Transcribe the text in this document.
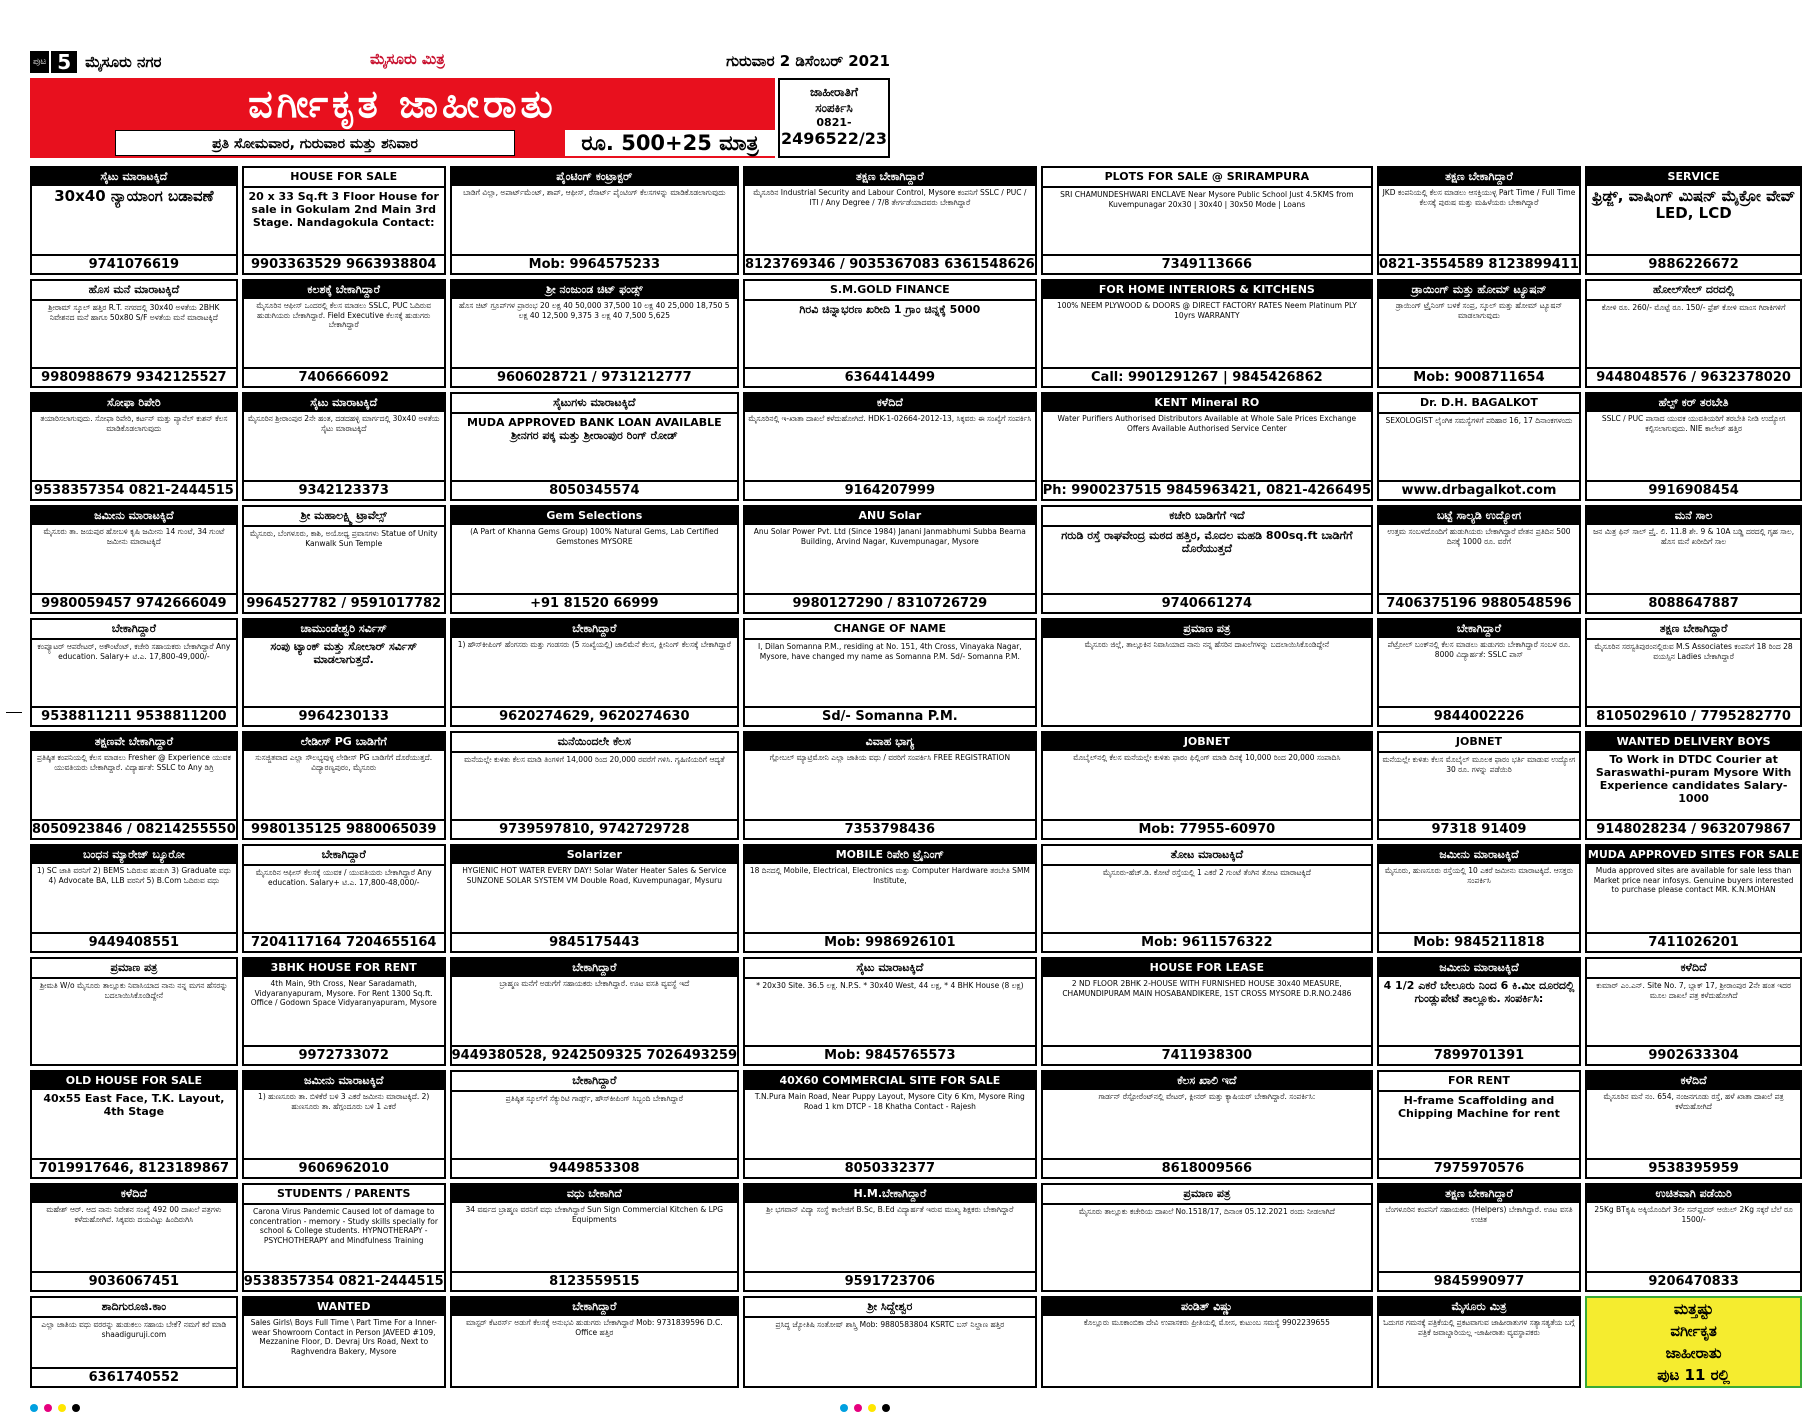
ಪುಟ 5 ಮೈಸೂರು ನಗರ	ಮೈಸೂರು ಮಿತ್ರ	ಗುರುವಾರ 2 ಡಿಸೆಂಬರ್ 2021
ವರ್ಗೀಕೃತ ಜಾಹೀರಾತು
ಪ್ರತಿ ಸೋಮವಾರ, ಗುರುವಾರ ಮತ್ತು ಶನಿವಾರ	ರೂ. 500+25 ಮಾತ್ರ
ಜಾಹೀರಾತಿಗೆ
ಸಂಪರ್ಕಿಸಿ
0821-
2496522/23
ಸೈಟು ಮಾರಾಟಕ್ಕಿದೆ
30x40 ನ್ಯಾಯಾಂಗ ಬಡಾವಣೆ
9741076619
HOUSE FOR SALE
20 x 33 Sq.ft 3 Floor House for sale in Gokulam 2nd Main 3rd Stage. Nandagokula Contact:
9903363529 9663938804
ಪೈಂಟಿಂಗ್ ಕಂಟ್ರಾಕ್ಟರ್
ಬಾಡಿಗೆ ವಿಲ್ಲಾ, ಅಪಾರ್ಟ್‌ಮೆಂಟ್, ಶಾಪ್, ಆಫೀಸ್, ರೆಸಾರ್ಟ್ ಪೈಂಟಿಂಗ್ ಕೆಲಸಗಳನ್ನು ಮಾಡಿಕೊಡಲಾಗುವುದು
Mob: 9964575233
ತಕ್ಷಣ ಬೇಕಾಗಿದ್ದಾರೆ
ಮೈಸೂರಿನ Industrial Security and Labour Control, Mysore ಕಂಪನಿಗೆ SSLC / PUC / ITI / Any Degree / 7/8 ತೇರ್ಗಡೆಯಾದವರು ಬೇಕಾಗಿದ್ದಾರೆ
8123769346 / 9035367083 6361548626
PLOTS FOR SALE @ SRIRAMPURA
SRI CHAMUNDESHWARI ENCLAVE Near Mysore Public School Just 4.5KMS from Kuvempunagar 20x30 | 30x40 | 30x50 Mode | Loans
7349113666
ತಕ್ಷಣ ಬೇಕಾಗಿದ್ದಾರೆ
JKD ಕಂಪನಿಯಲ್ಲಿ ಕೆಲಸ ಮಾಡಲು ಆಸಕ್ತಿಯುಳ್ಳ Part Time / Full Time ಕೆಲಸಕ್ಕೆ ಪುರುಷ ಮತ್ತು ಮಹಿಳೆಯರು ಬೇಕಾಗಿದ್ದಾರೆ
0821-3554589 8123899411
SERVICE
ಫ್ರಿಡ್ಜ್, ವಾಷಿಂಗ್ ಮಿಷನ್ ಮೈಕ್ರೋ ವೇವ್ LED, LCD
9886226672
ಹೊಸ ಮನೆ ಮಾರಾಟಕ್ಕಿದೆ
ಶ್ರೀರಾಮ್ ಸ್ಕೂಲ್ ಹತ್ತಿರ R.T. ನಗರದಲ್ಲಿ 30x40 ಅಳತೆಯ 2BHK ನಿವೇಶನದ ಮನೆ ಹಾಗೂ 50x80 S/F ಅಳತೆಯ ಮನೆ ಮಾರಾಟಕ್ಕಿದೆ
9980988679 9342125527
ಕಲಶಕ್ಕೆ ಬೇಕಾಗಿದ್ದಾರೆ
ಮೈಸೂರಿನ ಆಫೀಸ್ ಒಂದರಲ್ಲಿ ಕೆಲಸ ಮಾಡಲು SSLC, PUC ಓದಿರುವ ಹುಡುಗಿಯರು ಬೇಕಾಗಿದ್ದಾರೆ. Field Executive ಕೆಲಸಕ್ಕೆ ಹುಡುಗರು ಬೇಕಾಗಿದ್ದಾರೆ
7406666092
ಶ್ರೀ ನಂಜುಂಡ ಚಿಟ್ ಫಂಡ್ಸ್
ಹೊಸ ಚಿಟ್ ಗ್ರೂಪ್‌ಗಳ ಪ್ರಾರಂಭ 20 ಲಕ್ಷ 40 50,000 37,500 10 ಲಕ್ಷ 40 25,000 18,750 5 ಲಕ್ಷ 40 12,500 9,375 3 ಲಕ್ಷ 40 7,500 5,625
9606028721 / 9731212777
S.M.GOLD FINANCE
ಗಿರವಿ ಚಿನ್ನಾಭರಣ ಖರೀದಿ 1 ಗ್ರಾಂ ಚಿನ್ನಕ್ಕೆ 5000
6364414499
FOR HOME INTERIORS & KITCHENS
100% NEEM PLYWOOD & DOORS @ DIRECT FACTORY RATES Neem Platinum PLY 10yrs WARRANTY
Call: 9901291267 | 9845426862
ಡ್ರಾಯಿಂಗ್ ಮತ್ತು ಹೋಮ್ ಟ್ಯೂಷನ್
ಡ್ರಾಯಿಂಗ್ ಟ್ರೈನಿಂಗ್ ಬಳಕೆ ಸಂಪ್ರ, ಸ್ಕೂಲ್ ಮತ್ತು ಹೋಮ್ ಟ್ಯೂಷನ್ ಮಾಡಲಾಗುವುದು
Mob: 9008711654
ಹೋಲ್‌ಸೇಲ್ ದರದಲ್ಲಿ
ಕೋಳಿ ರೂ. 260/- ಮೊಟ್ಟೆ ರೂ. 150/- ಫ್ರೆಶ್ ಕೋಳಿ ಮಾಂಸ ಗಿರಾಕಿಗಳಿಗೆ
9448048576 / 9632378020
ಸೋಫಾ ರಿಪೇರಿ
ತಯಾರಿಸಲಾಗುವುದು. ಸೋಫಾ ರಿಪೇರಿ, ಕರ್ಟನ್ ಮತ್ತು ಪ್ಯಾನೆಲ್ ಕುಶನ್ ಕೆಲಸ ಮಾಡಿಕೊಡಲಾಗುವುದು
9538357354 0821-2444515
ಸೈಟು ಮಾರಾಟಕ್ಕಿದೆ
ಮೈಸೂರಿನ ಶ್ರೀರಾಂಪುರ 2ನೇ ಹಂತ, ದಡದಹಳ್ಳಿ ಮಾರ್ಗದಲ್ಲಿ 30x40 ಅಳತೆಯ ಸೈಟು ಮಾರಾಟಕ್ಕಿದೆ
9342123373
ಸೈಟುಗಳು ಮಾರಾಟಕ್ಕಿದೆ
MUDA APPROVED BANK LOAN AVAILABLE ಶ್ರೀನಗರ ಪಕ್ಕ ಮತ್ತು ಶ್ರೀರಾಂಪುರ ರಿಂಗ್ ರೋಡ್
8050345574
ಕಳೆದಿದೆ
ಮೈಸೂರಿನಲ್ಲಿ ಇ-ಖಾತಾ ದಾಖಲೆ ಕಳೆದುಹೋಗಿದೆ. HDK-1-02664-2012-13, ಸಿಕ್ಕವರು ಈ ಸಂಖ್ಯೆಗೆ ಸಂಪರ್ಕಿಸಿ
9164207999
KENT Mineral RO
Water Purifiers Authorised Distributors Available at Whole Sale Prices Exchange Offers Available Authorised Service Center
Ph: 9900237515 9845963421, 0821-4266495
Dr. D.H. BAGALKOT
SEXOLOGIST ಲೈಂಗಿಕ ಸಮಸ್ಯೆಗಳಿಗೆ ಪರಿಹಾರ 16, 17 ದಿನಾಂಕಗಳಂದು
www.drbagalkot.com
ಹೆಲ್ಪ್ ಕರ್ ತರಬೇತಿ
SSLC / PUC ಪಾಸಾದ ಯುವಕ ಯುವತಿಯರಿಗೆ ತರಬೇತಿ ನೀಡಿ ಉದ್ಯೋಗ ಕಲ್ಪಿಸಲಾಗುವುದು. NIE ಕಾಲೇಜ್ ಹತ್ತಿರ
9916908454
ಜಮೀನು ಮಾರಾಟಕ್ಕಿದೆ
ಮೈಸೂರು ತಾ. ಜಯಪುರ ಹೋಬಳಿ ಕೃಷಿ ಜಮೀನು 14 ಗುಂಟೆ, 34 ಗುಂಟೆ ಜಮೀನು ಮಾರಾಟಕ್ಕಿದೆ
9980059457 9742666049
ಶ್ರೀ ಮಹಾಲಕ್ಷ್ಮಿ ಟ್ರಾವೆಲ್ಸ್
ಮೈಸೂರು, ಬೆಂಗಳೂರು, ಕಾಶಿ, ಅಯೋಧ್ಯ ಪ್ರವಾಸಗಳು Statue of Unity Kanwalk Sun Temple
9964527782 / 9591017782
Gem Selections
(A Part of Khanna Gems Group) 100% Natural Gems, Lab Certified Gemstones MYSORE
+91 81520 66999
ANU Solar
Anu Solar Power Pvt. Ltd (Since 1984) Janani Janmabhumi Subba Bearna Building, Arvind Nagar, Kuvempunagar, Mysore
9980127290 / 8310726729
ಕಚೇರಿ ಬಾಡಿಗೆಗೆ ಇದೆ
ಗರುಡಿ ರಸ್ತೆ ರಾಘವೇಂದ್ರ ಮಠದ ಹತ್ತಿರ, ಮೊದಲ ಮಹಡಿ 800sq.ft ಬಾಡಿಗೆಗೆ ದೊರೆಯುತ್ತದೆ
9740661274
ಬಟ್ಟೆ ಸಾಲ್ಯಡಿ ಉದ್ಯೋಗ
ಉತ್ತಮ ಸಂಬಳದೊಂದಿಗೆ ಹುಡುಗಿಯರು ಬೇಕಾಗಿದ್ದಾರೆ ವೇತನ ಪ್ರತಿದಿನ 500 ದಿನಕ್ಕೆ 1000 ರೂ. ವರೆಗೆ
7406375196 9880548596
ಮನೆ ಸಾಲ
ಜನ ಮಿತ್ರ ಫಿನ್ ಸಾಲ್ ಪ್ರೈ. ಲಿ. 11.8 ಶೇ. 9 & 10A ಬಡ್ಡಿ ದರದಲ್ಲಿ ಗೃಹ ಸಾಲ, ಹೊಸ ಮನೆ ಖರೀದಿಗೆ ಸಾಲ
8088647887
ಬೇಕಾಗಿದ್ದಾರೆ
ಕಂಪ್ಯೂಟರ್ ಆಪರೇಟರ್, ಅಕೌಂಟೆಂಟ್, ಕಚೇರಿ ಸಹಾಯಕರು ಬೇಕಾಗಿದ್ದಾರೆ Any education. Salary+ ಟಿ.ಎ. 17,800-49,000/-
9538811211 9538811200
ಚಾಮುಂಡೇಶ್ವರಿ ಸರ್ವಿಸ್
ಸಂಪು ಟ್ಯಾಂಕ್ ಮತ್ತು ಸೋಲಾರ್ ಸರ್ವಿಸ್ ಮಾಡಲಾಗುತ್ತದೆ.
9964230133
ಬೇಕಾಗಿದ್ದಾರೆ
1) ಹೌಸ್‌ಕೀಪಿಂಗ್ ಹೆಂಗಸರು ಮತ್ತು ಗಂಡಸರು (5 ಸಂಖ್ಯೆಯಲ್ಲಿ) ಜಾಲಿಮೆನೆ ಕೆಲಸ, ಕ್ಲೀನಿಂಗ್ ಕೆಲಸಕ್ಕೆ ಬೇಕಾಗಿದ್ದಾರೆ
9620274629, 9620274630
CHANGE OF NAME
I, Dilan Somanna P.M., residing at No. 151, 4th Cross, Vinayaka Nagar, Mysore, have changed my name as Somanna P.M. Sd/- Somanna P.M.
Sd/- Somanna P.M.
ಪ್ರಮಾಣ ಪತ್ರ
ಮೈಸೂರು ಜಿಲ್ಲೆ, ತಾಲ್ಲೂಕಿನ ನಿವಾಸಿಯಾದ ನಾನು ನನ್ನ ಹೆಸರಿನ ದಾಖಲೆಗಳನ್ನು ಬದಲಾಯಿಸಿಕೊಂಡಿದ್ದೇನೆ
ಬೇಕಾಗಿದ್ದಾರೆ
ಪೆಟ್ರೋಲ್ ಬಂಕ್‌ನಲ್ಲಿ ಕೆಲಸ ಮಾಡಲು ಹುಡುಗರು ಬೇಕಾಗಿದ್ದಾರೆ ಸಂಬಳ ರೂ. 8000 ವಿದ್ಯಾರ್ಹತೆ: SSLC ಪಾಸ್
9844002226
ತಕ್ಷಣ ಬೇಕಾಗಿದ್ದಾರೆ
ಮೈಸೂರಿನ ಸರಸ್ವತಿಪುರಂನಲ್ಲಿರುವ M.S Associates ಕಂಪನಿಗೆ 18 ರಿಂದ 28 ವಯಸ್ಸಿನ Ladies ಬೇಕಾಗಿದ್ದಾರೆ
8105029610 / 7795282770
ತಕ್ಷಣವೇ ಬೇಕಾಗಿದ್ದಾರೆ
ಪ್ರತಿಷ್ಠಿತ ಕಂಪನಿಯಲ್ಲಿ ಕೆಲಸ ಮಾಡಲು Fresher @ Experience ಯುವಕ ಯುವತಿಯರು ಬೇಕಾಗಿದ್ದಾರೆ. ವಿದ್ಯಾರ್ಹತೆ: SSLC to Any ಡಿಗ್ರಿ
8050923846 / 08214255550
ಲೇಡೀಸ್ PG ಬಾಡಿಗೆಗೆ
ಸುಸಜ್ಜಿತವಾದ ಎಲ್ಲಾ ಸೌಲಭ್ಯವುಳ್ಳ ಲೇಡೀಸ್ PG ಬಾಡಿಗೆಗೆ ದೊರೆಯುತ್ತದೆ. ವಿದ್ಯಾರಣ್ಯಪುರಂ, ಮೈಸೂರು
9980135125 9880065039
ಮನೆಯಿಂದಲೇ ಕೆಲಸ
ಮನೆಯಲ್ಲೇ ಕುಳಿತು ಕೆಲಸ ಮಾಡಿ ತಿಂಗಳಿಗೆ 14,000 ರಿಂದ 20,000 ರವರೆಗೆ ಗಳಿಸಿ. ಗೃಹಿಣಿಯರಿಗೆ ಆದ್ಯತೆ
9739597810, 9742729728
ವಿವಾಹ ಭಾಗ್ಯ
ಗ್ಲೋಬಲ್ ಮ್ಯಾಟ್ರಿಮೋನಿ ಎಲ್ಲಾ ಜಾತಿಯ ವಧು / ವರರಿಗೆ ಸಂಪರ್ಕಿಸಿ FREE REGISTRATION
7353798436
JOBNET
ಮೊಬೈಲ್‌ನಲ್ಲಿ ಕೆಲಸ ಮನೆಯಲ್ಲೇ ಕುಳಿತು ಫಾರಂ ಫಿಲ್ಲಿಂಗ್ ಮಾಡಿ ದಿನಕ್ಕೆ 10,000 ರಿಂದ 20,000 ಸಂಪಾದಿಸಿ
Mob: 77955-60970
JOBNET
ಮನೆಯಲ್ಲೇ ಕುಳಿತು ಕೆಲಸ ಮೊಬೈಲ್ ಮೂಲಕ ಫಾರಂ ಭರ್ತಿ ಮಾಡುವ ಉದ್ಯೋಗ 30 ರೂ. ಗಳನ್ನು ಪಡೆಯಿರಿ
97318 91409
WANTED DELIVERY BOYS
To Work in DTDC Courier at Saraswathi-puram Mysore With Experience candidates Salary-1000
9148028234 / 9632079867
ಬಂಧನ ಮ್ಯಾರೇಜ್ ಬ್ಯೂರೋ
1) SC ಜಾತಿ ವರನಿಗೆ 2) BEMS ಓದಿರುವ ಹುಡುಗಿ 3) Graduate ವಧು 4) Advocate BA, LLB ವರನಿಗೆ 5) B.Com ಓದಿರುವ ವಧು
9449408551
ಬೇಕಾಗಿದ್ದಾರೆ
ಮೈಸೂರಿನ ಆಫೀಸ್ ಕೆಲಸಕ್ಕೆ ಯುವಕ / ಯುವತಿಯರು ಬೇಕಾಗಿದ್ದಾರೆ Any education. Salary+ ಟಿ.ಎ. 17,800-48,000/-
7204117164 7204655164
Solarizer
HYGIENIC HOT WATER EVERY DAY! Solar Water Heater Sales & Service SUNZONE SOLAR SYSTEM VM Double Road, Kuvempunagar, Mysuru
9845175443
MOBILE ರಿಪೇರಿ ಟ್ರೈನಿಂಗ್
18 ದಿನದಲ್ಲಿ Mobile, Electrical, Electronics ಮತ್ತು Computer Hardware ತರಬೇತಿ SMM Institute,
Mob: 9986926101
ತೋಟ ಮಾರಾಟಕ್ಕಿದೆ
ಮೈಸೂರು-ಹೆಚ್.ಡಿ. ಕೋಟೆ ರಸ್ತೆಯಲ್ಲಿ 1 ಎಕರೆ 2 ಗುಂಟೆ ತೆಂಗಿನ ತೋಟ ಮಾರಾಟಕ್ಕಿದೆ
Mob: 9611576322
ಜಮೀನು ಮಾರಾಟಕ್ಕಿದೆ
ಮೈಸೂರು, ಹುಣಸೂರು ರಸ್ತೆಯಲ್ಲಿ 10 ಎಕರೆ ಜಮೀನು ಮಾರಾಟಕ್ಕಿದೆ. ಆಸಕ್ತರು ಸಂಪರ್ಕಿಸಿ
Mob: 9845211818
MUDA APPROVED SITES FOR SALE
Muda approved sites are available for sale less than Market price near infosys. Genuine buyers interested to purchase please contact MR. K.N.MOHAN
7411026201
ಪ್ರಮಾಣ ಪತ್ರ
ಶ್ರೀಮತಿ W/o ಮೈಸೂರು ತಾಲ್ಲೂಕು ನಿವಾಸಿಯಾದ ನಾನು ನನ್ನ ಮಗನ ಹೆಸರನ್ನು ಬದಲಾಯಿಸಿಕೊಂಡಿದ್ದೇನೆ
3BHK HOUSE FOR RENT
4th Main, 9th Cross, Near Saradamath, Vidyaranyapuram, Mysore. For Rent 1300 Sq.ft. Office / Godown Space Vidyaranyapuram, Mysore
9972733072
ಬೇಕಾಗಿದ್ದಾರೆ
ಬ್ರಾಹ್ಮಣ ಮನೆಗೆ ಅಡುಗೆಗೆ ಸಹಾಯಕರು ಬೇಕಾಗಿದ್ದಾರೆ. ಊಟ ವಸತಿ ವ್ಯವಸ್ಥೆ ಇದೆ
9449380528, 9242509325 7026493259
ಸೈಟು ಮಾರಾಟಕ್ಕಿದೆ
* 20x30 Site. 36.5 ಲಕ್ಷ. N.P.S. * 30x40 West, 44 ಲಕ್ಷ, * 4 BHK House (8 ಲಕ್ಷ)
Mob: 9845765573
HOUSE FOR LEASE
2 ND FLOOR 2BHK 2-HOUSE WITH FURNISHED HOUSE 30x40 MEASURE, CHAMUNDIPURAM MAIN HOSABANDIKERE, 1ST CROSS MYSORE D.R.NO.2486
7411938300
ಜಮೀನು ಮಾರಾಟಕ್ಕಿದೆ
4 1/2 ಎಕರೆ ಬೇಲೂರು ನಿಂದ 6 ಕಿ.ಮೀ ದೂರದಲ್ಲಿ ಗುಂಡ್ಲುಪೇಟೆ ತಾಲ್ಲೂಕು. ಸಂಪರ್ಕಿಸಿ:
7899701391
ಕಳೆದಿದೆ
ಕುಮಾರ್ ಎಂ.ಎನ್. Site No. 7, ಬ್ಲಾಕ್ 17, ಶ್ರೀರಾಂಪುರ 2ನೇ ಹಂತ ಇದರ ಮೂಲ ದಾಖಲೆ ಪತ್ರ ಕಳೆದುಹೋಗಿದೆ
9902633304
OLD HOUSE FOR SALE
40x55 East Face, T.K. Layout, 4th Stage
7019917646, 8123189867
ಜಮೀನು ಮಾರಾಟಕ್ಕಿದೆ
1) ಹುಣಸೂರು ತಾ. ಬಿಳಿಕೆರೆ ಬಳಿ 3 ಎಕರೆ ಜಮೀನು ಮಾರಾಟಕ್ಕಿದೆ. 2) ಹುಣಸೂರು ತಾ. ಹೆಗ್ಗಂದೂರು ಬಳಿ 1 ಎಕರೆ
9606962010
ಬೇಕಾಗಿದ್ದಾರೆ
ಪ್ರತಿಷ್ಠಿತ ಸ್ಕೂಲ್‌ಗೆ ಸೆಕ್ಯುರಿಟಿ ಗಾರ್ಡ್ಸ್, ಹೌಸ್‌ಕೀಪಿಂಗ್ ಸಿಬ್ಬಂದಿ ಬೇಕಾಗಿದ್ದಾರೆ
9449853308
40X60 COMMERCIAL SITE FOR SALE
T.N.Pura Main Road, Near Puppy Layout, Mysore City 6 Km, Mysore Ring Road 1 km DTCP - 18 Khatha Contact - Rajesh
8050332377
ಕೆಲಸ ಖಾಲಿ ಇದೆ
ಗಾರ್ಡನ್ ರೆಸ್ಟೋರೆಂಟ್‌ನಲ್ಲಿ ವೇಟರ್, ಕ್ಲೀನರ್ ಮತ್ತು ಕ್ಯಾಷಿಯರ್ ಬೇಕಾಗಿದ್ದಾರೆ. ಸಂಪರ್ಕಿಸಿ:
8618009566
FOR RENT
H-frame Scaffolding and Chipping Machine for rent
7975970576
ಕಳೆದಿದೆ
ಮೈಸೂರಿನ ಮನೆ ನಂ. 654, ನಂಜನಗೂಡು ರಸ್ತೆ, ಹಳೆ ಖಾತಾ ದಾಖಲೆ ಪತ್ರ ಕಳೆದುಹೋಗಿದೆ
9538395959
ಕಳೆದಿದೆ
ಮಹೇಶ್ ಆರ್. ಆದ ನಾನು ನಿವೇಶನ ಸಂಖ್ಯೆ 492 00 ದಾಖಲೆ ಪತ್ರಗಳು ಕಳೆದುಹೋಗಿವೆ. ಸಿಕ್ಕವರು ದಯವಿಟ್ಟು ಹಿಂದಿರುಗಿಸಿ
9036067451
STUDENTS / PARENTS
Carona Virus Pandemic Caused lot of damage to concentration - memory - Study skills specially for school & College students. HYPNOTHERAPY - PSYCHOTHERAPY and Mindfulness Training
9538357354 0821-2444515
ವಧು ಬೇಕಾಗಿದೆ
34 ವರ್ಷದ ಬ್ರಾಹ್ಮಣ ವರನಿಗೆ ವಧು ಬೇಕಾಗಿದ್ದಾರೆ Sun Sign Commercial Kitchen & LPG Equipments
8123559515
H.M.ಬೇಕಾಗಿದ್ದಾರೆ
ಶ್ರೀ ಭಗವಾನ್ ವಿದ್ಯಾ ಸಂಸ್ಥೆ ಕಾಲೇಜಿಗೆ B.Sc, B.Ed ವಿದ್ಯಾರ್ಹತೆ ಇರುವ ಮುಖ್ಯ ಶಿಕ್ಷಕರು ಬೇಕಾಗಿದ್ದಾರೆ
9591723706
ಪ್ರಮಾಣ ಪತ್ರ
ಮೈಸೂರು ತಾಲ್ಲೂಕು ಕಚೇರಿಯ ದಾಖಲೆ No.1518/17, ದಿನಾಂಕ 05.12.2021 ರಂದು ನೀಡಲಾಗಿದೆ
ತಕ್ಷಣ ಬೇಕಾಗಿದ್ದಾರೆ
ಬೆಂಗಳೂರಿನ ಕಂಪನಿಗೆ ಸಹಾಯಕರು (Helpers) ಬೇಕಾಗಿದ್ದಾರೆ. ಊಟ ವಸತಿ ಉಚಿತ
9845990977
ಉಚಿತವಾಗಿ ಪಡೆಯಿರಿ
25Kg BTಕೃಷಿ ಅಕ್ಕಿಯೊಂದಿಗೆ 3ಲೀ ಸನ್‌ಫ್ಲವರ್ ಆಯಿಲ್ 2Kg ಸಕ್ಕರೆ ಬೆಲೆ ರೂ 1500/-
9206470833
ಶಾದಿಗುರೂಜಿ.ಕಾಂ
ಎಲ್ಲಾ ಜಾತಿಯ ವಧು ವರರನ್ನು ಹುಡುಕಲು ಸಹಾಯ ಬೇಕೆ? ನಮಗೆ ಕರೆ ಮಾಡಿ shaadiguruji.com
6361740552
WANTED
Sales Girls\ Boys Full Time \ Part Time For a Inner-wear Showroom Contact in Person JAVEED #109, Mezzanine Floor, D. Devraj Urs Road, Next to Raghvendra Bakery, Mysore
ಬೇಕಾಗಿದ್ದಾರೆ
ಮಾಸ್ಟರ್ ಕೆಟರರ್ಸ್ ಅಡುಗೆ ಕೆಲಸಕ್ಕೆ ಅನುಭವಿ ಹುಡುಗರು ಬೇಕಾಗಿದ್ದಾರೆ Mob: 9731839596 D.C. Office ಹತ್ತಿರ
ಶ್ರೀ ಸಿದ್ದೇಶ್ವರ
ಪ್ರಸಿದ್ಧ ಜ್ಯೋತಿಷಿ ಸಂತೋಷ್ ಶಾಸ್ತ್ರಿ Mob: 9880583804 KSRTC ಬಸ್ ನಿಲ್ದಾಣ ಹತ್ತಿರ
ಪಂಡಿತ್ ವಿಷ್ಣು
ಕೊಲ್ಲೂರು ಮೂಕಾಂಬಿಕಾ ದೇವಿ ಉಪಾಸಕರು ಪ್ರೀತಿಯಲ್ಲಿ ಮೋಸ, ಕುಟುಂಬ ಸಮಸ್ಯೆ 9902239655
ಮೈಸೂರು ಮಿತ್ರ
ಓದುಗರ ಗಮನಕ್ಕೆ ಪತ್ರಿಕೆಯಲ್ಲಿ ಪ್ರಕಟವಾಗುವ ಜಾಹೀರಾತುಗಳ ಸತ್ಯಾಸತ್ಯತೆಯ ಬಗ್ಗೆ ಪತ್ರಿಕೆ ಜವಾಬ್ದಾರಿಯಲ್ಲ -ಜಾಹೀರಾತು ವ್ಯವಸ್ಥಾಪಕರು
ಮತ್ತಷ್ಟು
ವರ್ಗೀಕೃತ
ಜಾಹೀರಾತು
ಪುಟ 11 ರಲ್ಲಿ
